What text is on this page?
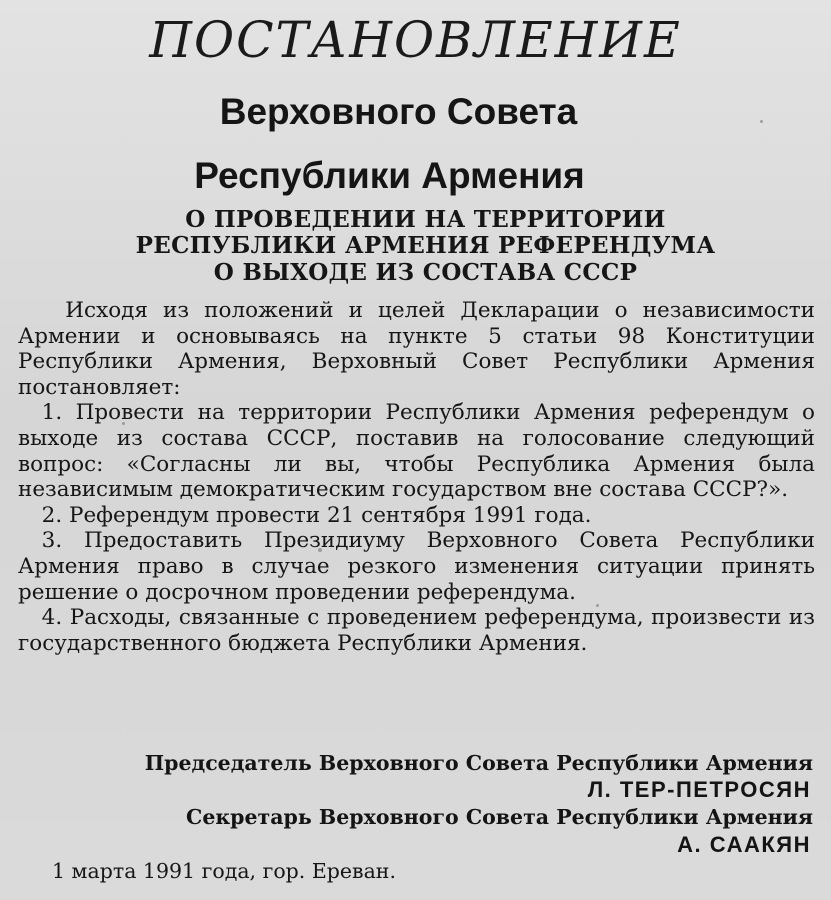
ПОСТАНОВЛЕНИЕ
Верховного Совета
Республики Армения
О ПРОВЕДЕНИИ НА ТЕРРИТОРИИ
РЕСПУБЛИКИ АРМЕНИЯ РЕФЕРЕНДУМА
О ВЫХОДЕ ИЗ СОСТАВА СССР

Исходя из положений и целей Декларации о независимости Армении и основываясь на пункте 5 статьи 98 Конституции Республики Армения, Верховный Совет Республики Армения постановляет:

1. Провести на территории Республики Армения референдум о выходе из состава СССР, поставив на голосование следующий вопрос: «Согласны ли вы, чтобы Республика Армения была независимым демократическим государством вне состава СССР?».

2. Референдум провести 21 сентября 1991 года.

3. Предоставить Президиуму Верховного Совета Республики Армения право в случае резкого изменения ситуации принять решение о досрочном проведении референдума.

4. Расходы, связанные с проведением референдума, произвести из государственного бюджета Республики Армения.

Председатель Верховного Совета Республики Армения

Л. ТЕР-ПЕТРОСЯН

Секретарь Верховного Совета Республики Армения

А. СААКЯН

1 марта 1991 года, гор. Ереван.
